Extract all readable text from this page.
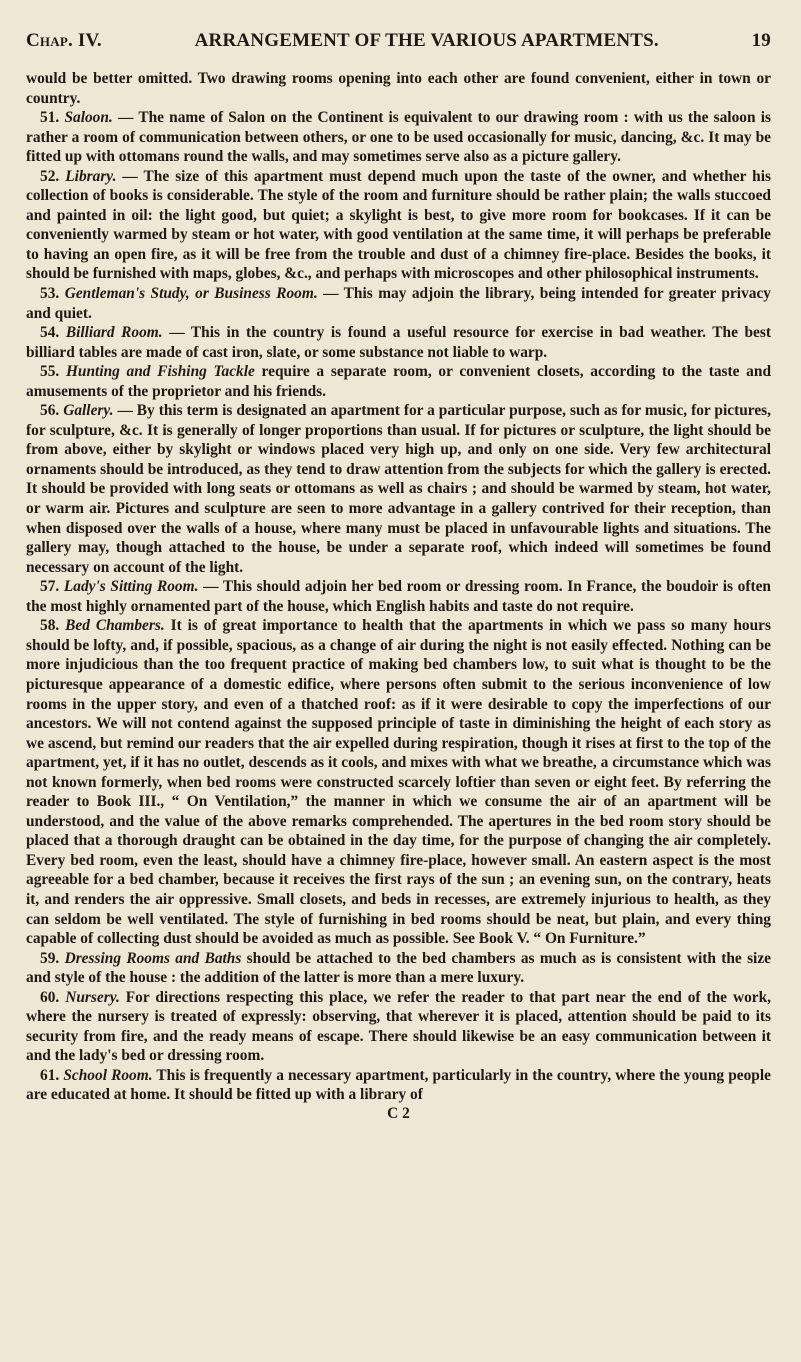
Chap. IV.	ARRANGEMENT OF THE VARIOUS APARTMENTS.	19

would be better omitted. Two drawing rooms opening into each other are found convenient, either in town or country.

51. Saloon. — The name of Salon on the Continent is equivalent to our drawing room : with us the saloon is rather a room of communication between others, or one to be used occasionally for music, dancing, &c. It may be fitted up with ottomans round the walls, and may sometimes serve also as a picture gallery.

52. Library. — The size of this apartment must depend much upon the taste of the owner, and whether his collection of books is considerable. The style of the room and furniture should be rather plain; the walls stuccoed and painted in oil: the light good, but quiet; a skylight is best, to give more room for bookcases. If it can be conveniently warmed by steam or hot water, with good ventilation at the same time, it will perhaps be preferable to having an open fire, as it will be free from the trouble and dust of a chimney fire-place. Besides the books, it should be furnished with maps, globes, &c., and perhaps with microscopes and other philosophical instruments.

53. Gentleman's Study, or Business Room. — This may adjoin the library, being intended for greater privacy and quiet.

54. Billiard Room. — This in the country is found a useful resource for exercise in bad weather. The best billiard tables are made of cast iron, slate, or some substance not liable to warp.

55. Hunting and Fishing Tackle require a separate room, or convenient closets, according to the taste and amusements of the proprietor and his friends.

56. Gallery. — By this term is designated an apartment for a particular purpose, such as for music, for pictures, for sculpture, &c. It is generally of longer proportions than usual. If for pictures or sculpture, the light should be from above, either by skylight or windows placed very high up, and only on one side. Very few architectural ornaments should be introduced, as they tend to draw attention from the subjects for which the gallery is erected. It should be provided with long seats or ottomans as well as chairs ; and should be warmed by steam, hot water, or warm air. Pictures and sculpture are seen to more advantage in a gallery contrived for their reception, than when disposed over the walls of a house, where many must be placed in unfavourable lights and situations. The gallery may, though attached to the house, be under a separate roof, which indeed will sometimes be found necessary on account of the light.

57. Lady's Sitting Room. — This should adjoin her bed room or dressing room. In France, the boudoir is often the most highly ornamented part of the house, which English habits and taste do not require.

58. Bed Chambers. It is of great importance to health that the apartments in which we pass so many hours should be lofty, and, if possible, spacious, as a change of air during the night is not easily effected. Nothing can be more injudicious than the too frequent practice of making bed chambers low, to suit what is thought to be the picturesque appearance of a domestic edifice, where persons often submit to the serious inconvenience of low rooms in the upper story, and even of a thatched roof: as if it were desirable to copy the imperfections of our ancestors. We will not contend against the supposed principle of taste in diminishing the height of each story as we ascend, but remind our readers that the air expelled during respiration, though it rises at first to the top of the apartment, yet, if it has no outlet, descends as it cools, and mixes with what we breathe, a circumstance which was not known formerly, when bed rooms were constructed scarcely loftier than seven or eight feet. By referring the reader to Book III., “ On Ventilation,” the manner in which we consume the air of an apartment will be understood, and the value of the above remarks comprehended. The apertures in the bed room story should be placed that a thorough draught can be obtained in the day time, for the purpose of changing the air completely. Every bed room, even the least, should have a chimney fire-place, however small. An eastern aspect is the most agreeable for a bed chamber, because it receives the first rays of the sun ; an evening sun, on the contrary, heats it, and renders the air oppressive. Small closets, and beds in recesses, are extremely injurious to health, as they can seldom be well ventilated. The style of furnishing in bed rooms should be neat, but plain, and every thing capable of collecting dust should be avoided as much as possible. See Book V. “ On Furniture.”

59. Dressing Rooms and Baths should be attached to the bed chambers as much as is consistent with the size and style of the house : the addition of the latter is more than a mere luxury.

60. Nursery. For directions respecting this place, we refer the reader to that part near the end of the work, where the nursery is treated of expressly: observing, that wherever it is placed, attention should be paid to its security from fire, and the ready means of escape. There should likewise be an easy communication between it and the lady's bed or dressing room.

61. School Room. This is frequently a necessary apartment, particularly in the country, where the young people are educated at home. It should be fitted up with a library of

C 2
